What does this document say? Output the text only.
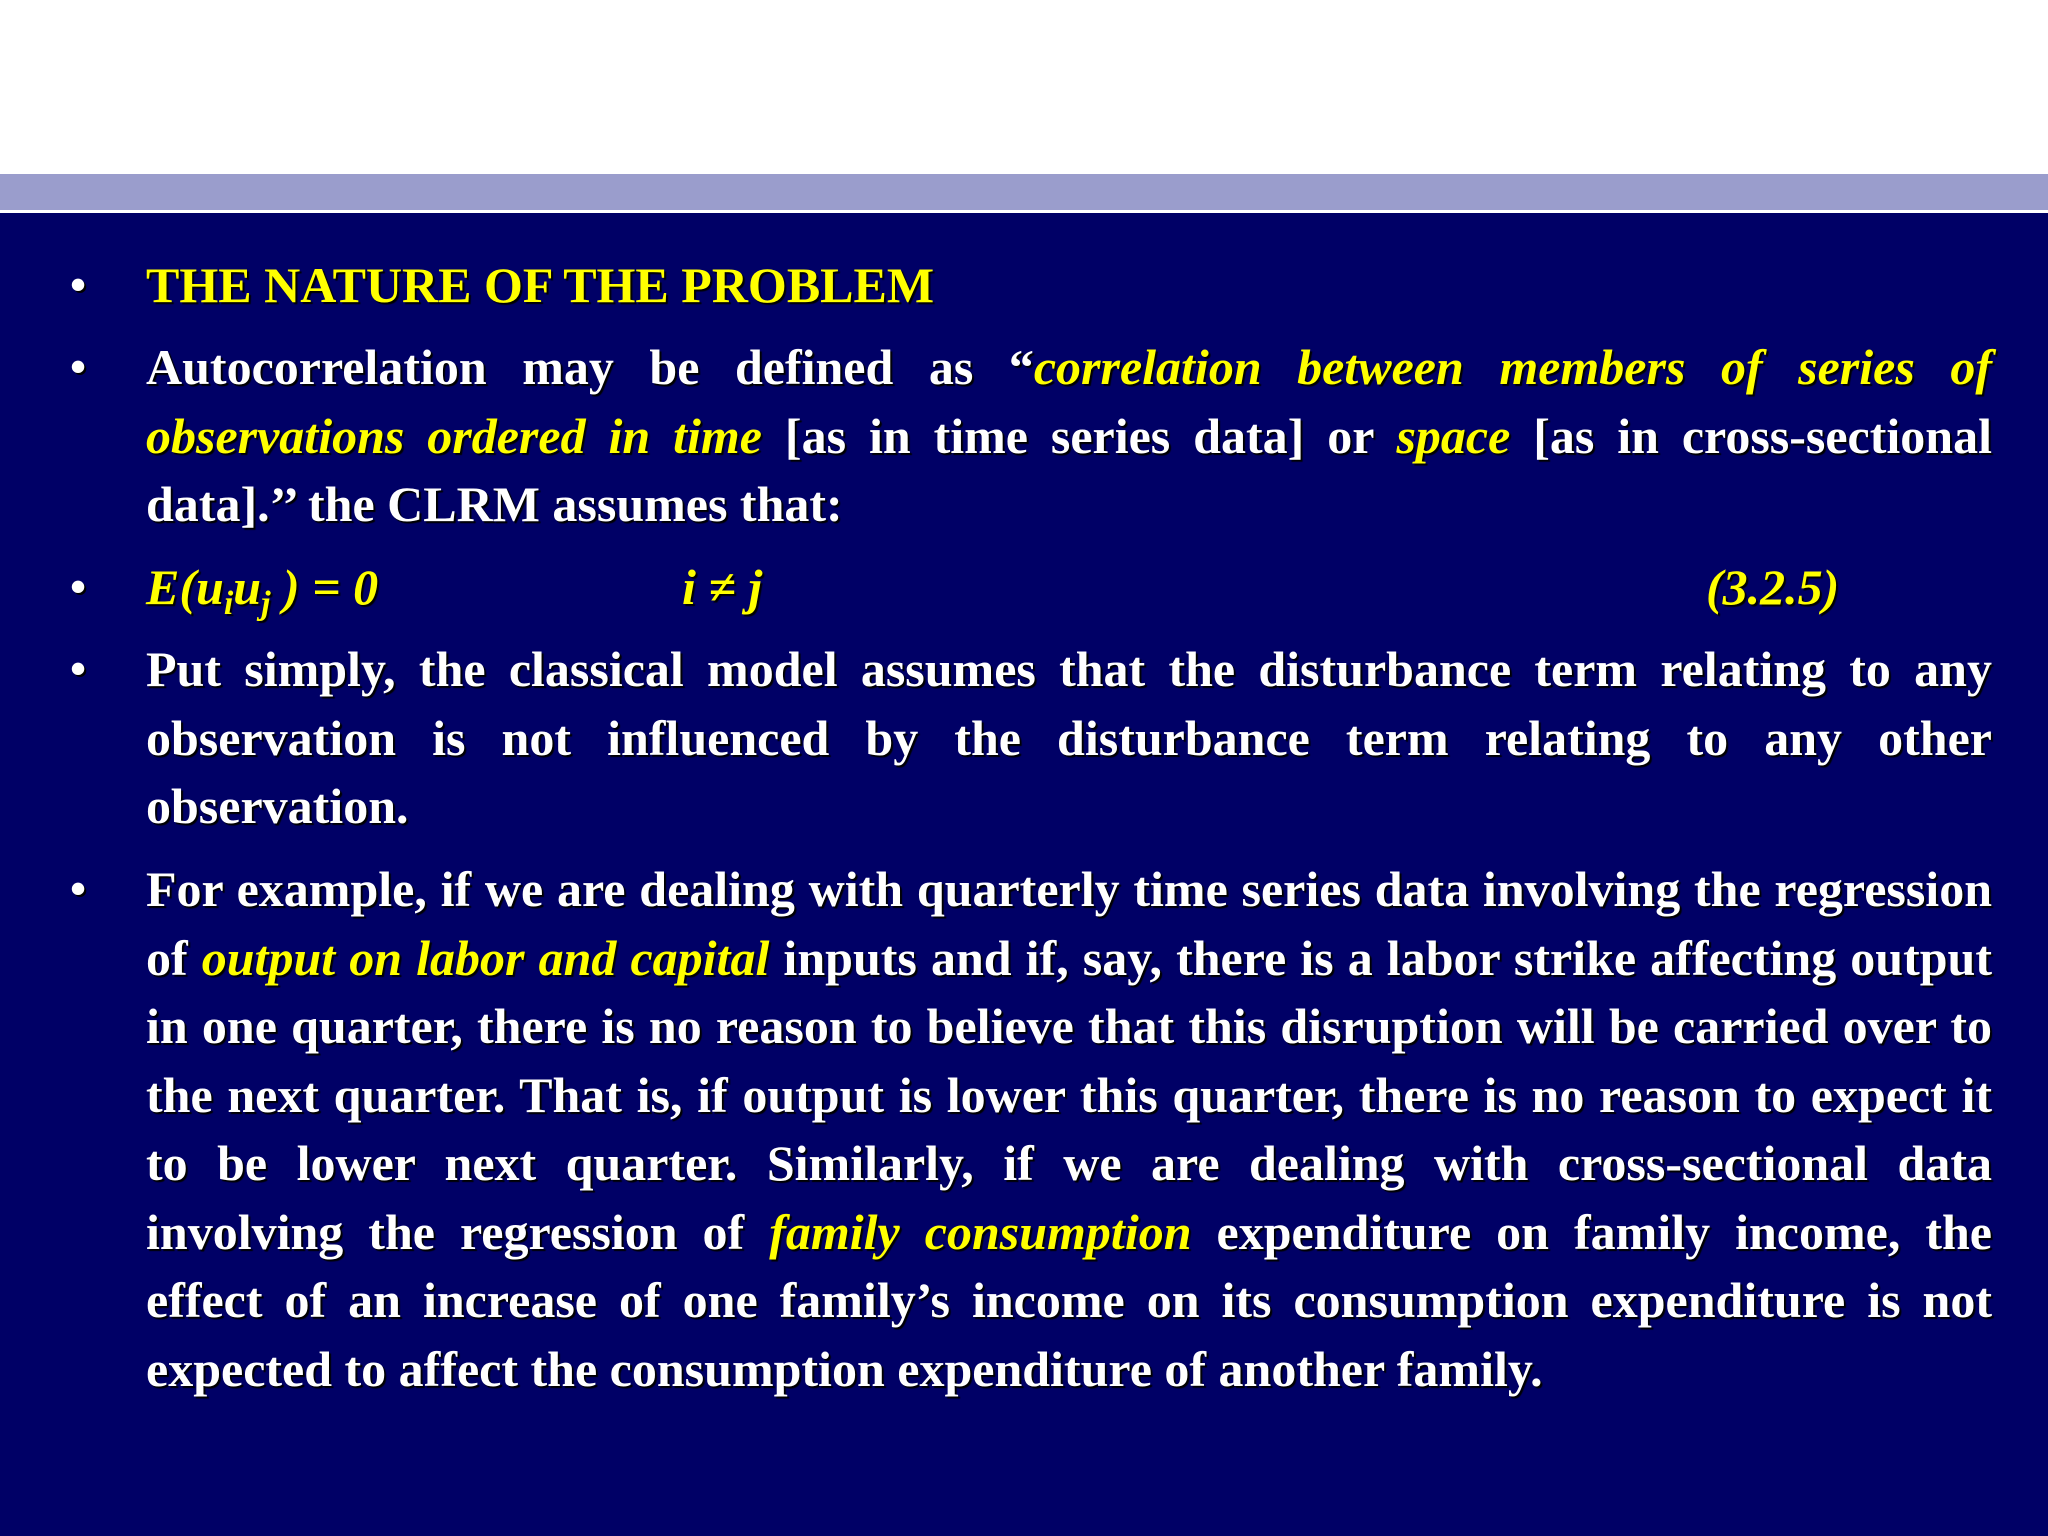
• THE NATURE OF THE PROBLEM
• Autocorrelation may be defined as “correlation between members of series of observations ordered in time [as in time series data] or space [as in cross-sectional data].’’ the CLRM assumes that:
• $E(u_iu_j$ ) = 0	i ≠ j	(3.2.5)
• Put simply, the classical model assumes that the disturbance term relating to any observation is not influenced by the disturbance term relating to any other observation.
• For example, if we are dealing with quarterly time series data involving the regression of output on labor and capital inputs and if, say, there is a labor strike affecting output in one quarter, there is no reason to believe that this disruption will be carried over to the next quarter. That is, if output is lower this quarter, there is no reason to expect it to be lower next quarter. Similarly, if we are dealing with cross-sectional data involving the regression of family consumption expenditure on family income, the effect of an increase of one family’s income on its consumption expenditure is not expected to affect the consumption expenditure of another family.
